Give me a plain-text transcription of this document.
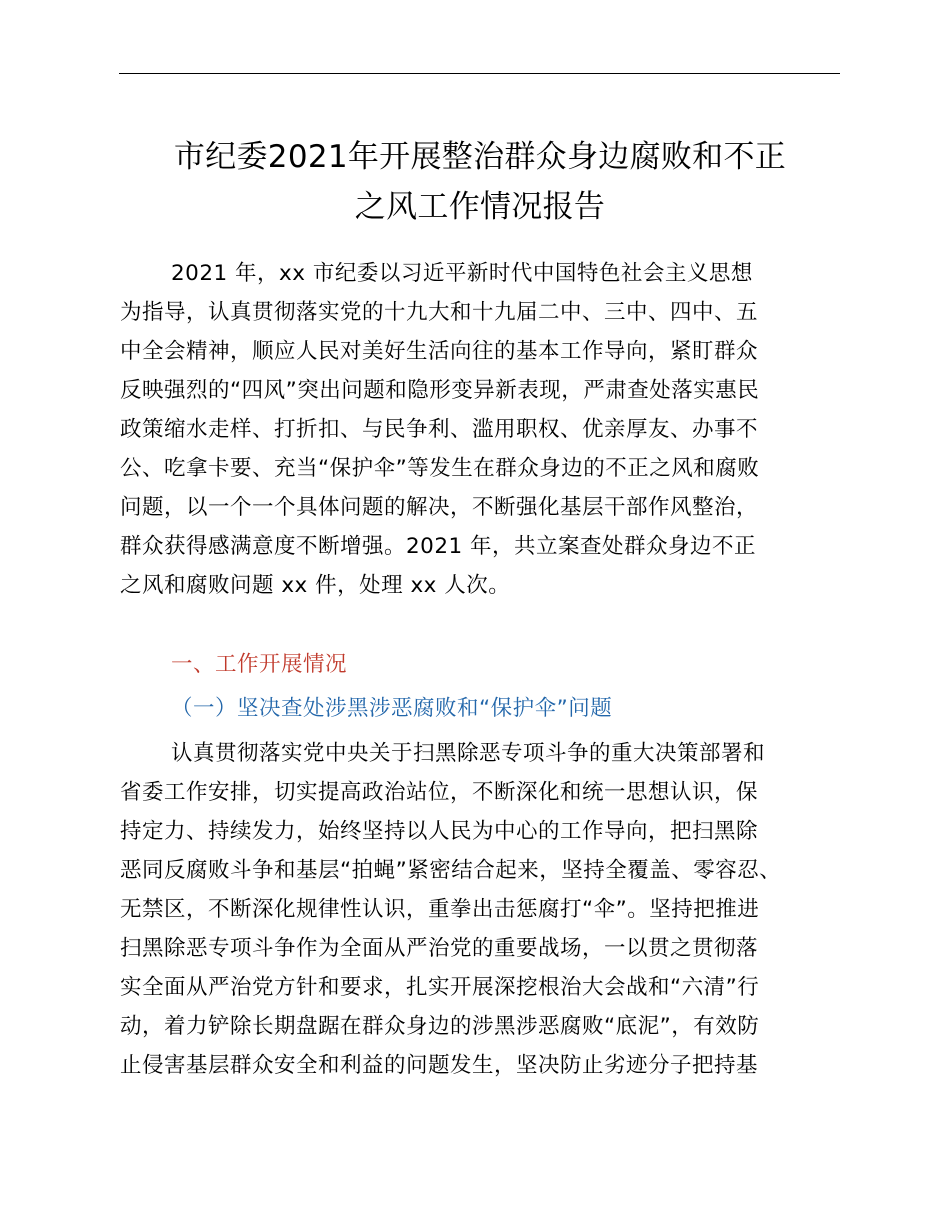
市纪委2021年开展整治群众身边腐败和不正
之风工作情况报告
2021 年，xx 市纪委以习近平新时代中国特色社会主义思想
为指导，认真贯彻落实党的十九大和十九届二中、三中、四中、五
中全会精神，顺应人民对美好生活向往的基本工作导向，紧盯群众
反映强烈的“四风”突出问题和隐形变异新表现，严肃查处落实惠民
政策缩水走样、打折扣、与民争利、滥用职权、优亲厚友、办事不
公、吃拿卡要、充当“保护伞”等发生在群众身边的不正之风和腐败
问题，以一个一个具体问题的解决，不断强化基层干部作风整治，
群众获得感满意度不断增强。2021 年，共立案查处群众身边不正
之风和腐败问题 xx 件，处理 xx 人次。
一、工作开展情况
（一）坚决查处涉黑涉恶腐败和“保护伞”问题
认真贯彻落实党中央关于扫黑除恶专项斗争的重大决策部署和
省委工作安排，切实提高政治站位，不断深化和统一思想认识，保
持定力、持续发力，始终坚持以人民为中心的工作导向，把扫黑除
恶同反腐败斗争和基层“拍蝇”紧密结合起来，坚持全覆盖、零容忍、
无禁区，不断深化规律性认识，重拳出击惩腐打“伞”。坚持把推进
扫黑除恶专项斗争作为全面从严治党的重要战场，一以贯之贯彻落
实全面从严治党方针和要求，扎实开展深挖根治大会战和“六清”行
动，着力铲除长期盘踞在群众身边的涉黑涉恶腐败“底泥”，有效防
止侵害基层群众安全和利益的问题发生，坚决防止劣迹分子把持基
